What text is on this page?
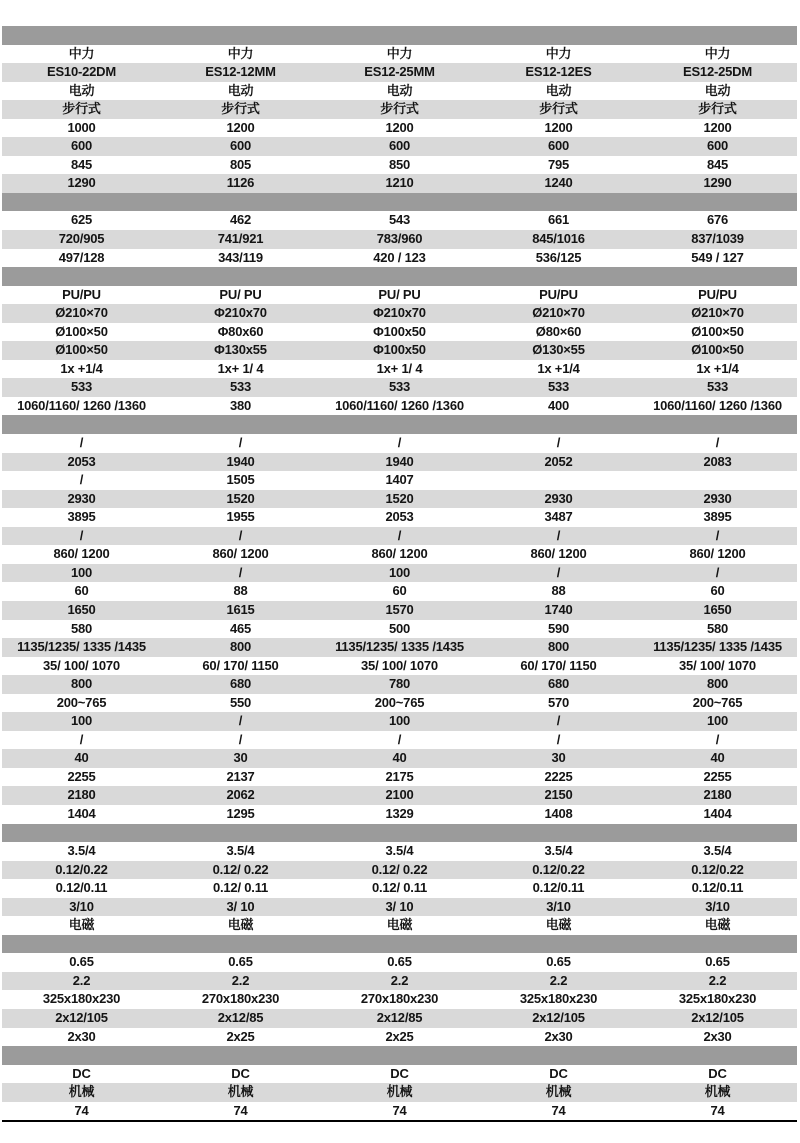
中力	中力	中力	中力	中力
ES10-22DM	ES12-12MM	ES12-25MM	ES12-12ES	ES12-25DM
电动	电动	电动	电动	电动
步行式	步行式	步行式	步行式	步行式
1000	1200	1200	1200	1200
600	600	600	600	600
845	805	850	795	845
1290	1126	1210	1240	1290
625	462	543	661	676
720/905	741/921	783/960	845/1016	837/1039
497/128	343/119	420 / 123	536/125	549 / 127
PU/PU	PU/ PU	PU/ PU	PU/PU	PU/PU
Ø210×70	Φ210x70	Φ210x70	Ø210×70	Ø210×70
Ø100×50	Φ80x60	Φ100x50	Ø80×60	Ø100×50
Ø100×50	Φ130x55	Φ100x50	Ø130×55	Ø100×50
1x +1/4	1x+ 1/ 4	1x+ 1/ 4	1x +1/4	1x +1/4
533	533	533	533	533
1060/1160/ 1260 /1360	380	1060/1160/ 1260 /1360	400	1060/1160/ 1260 /1360
/	/	/	/	/
2053	1940	1940	2052	2083
/	1505	1407
2930	1520	1520	2930	2930
3895	1955	2053	3487	3895
/	/	/	/	/
860/ 1200	860/ 1200	860/ 1200	860/ 1200	860/ 1200
100	/	100	/	/
60	88	60	88	60
1650	1615	1570	1740	1650
580	465	500	590	580
1135/1235/ 1335 /1435	800	1135/1235/ 1335 /1435	800	1135/1235/ 1335 /1435
35/ 100/ 1070	60/ 170/ 1150	35/ 100/ 1070	60/ 170/ 1150	35/ 100/ 1070
800	680	780	680	800
200~765	550	200~765	570	200~765
100	/	100	/	100
/	/	/	/	/
40	30	40	30	40
2255	2137	2175	2225	2255
2180	2062	2100	2150	2180
1404	1295	1329	1408	1404
3.5/4	3.5/4	3.5/4	3.5/4	3.5/4
0.12/0.22	0.12/ 0.22	0.12/ 0.22	0.12/0.22	0.12/0.22
0.12/0.11	0.12/ 0.11	0.12/ 0.11	0.12/0.11	0.12/0.11
3/10	3/ 10	3/ 10	3/10	3/10
电磁	电磁	电磁	电磁	电磁
0.65	0.65	0.65	0.65	0.65
2.2	2.2	2.2	2.2	2.2
325x180x230	270x180x230	270x180x230	325x180x230	325x180x230
2x12/105	2x12/85	2x12/85	2x12/105	2x12/105
2x30	2x25	2x25	2x30	2x30
DC	DC	DC	DC	DC
机械	机械	机械	机械	机械
74	74	74	74	74
